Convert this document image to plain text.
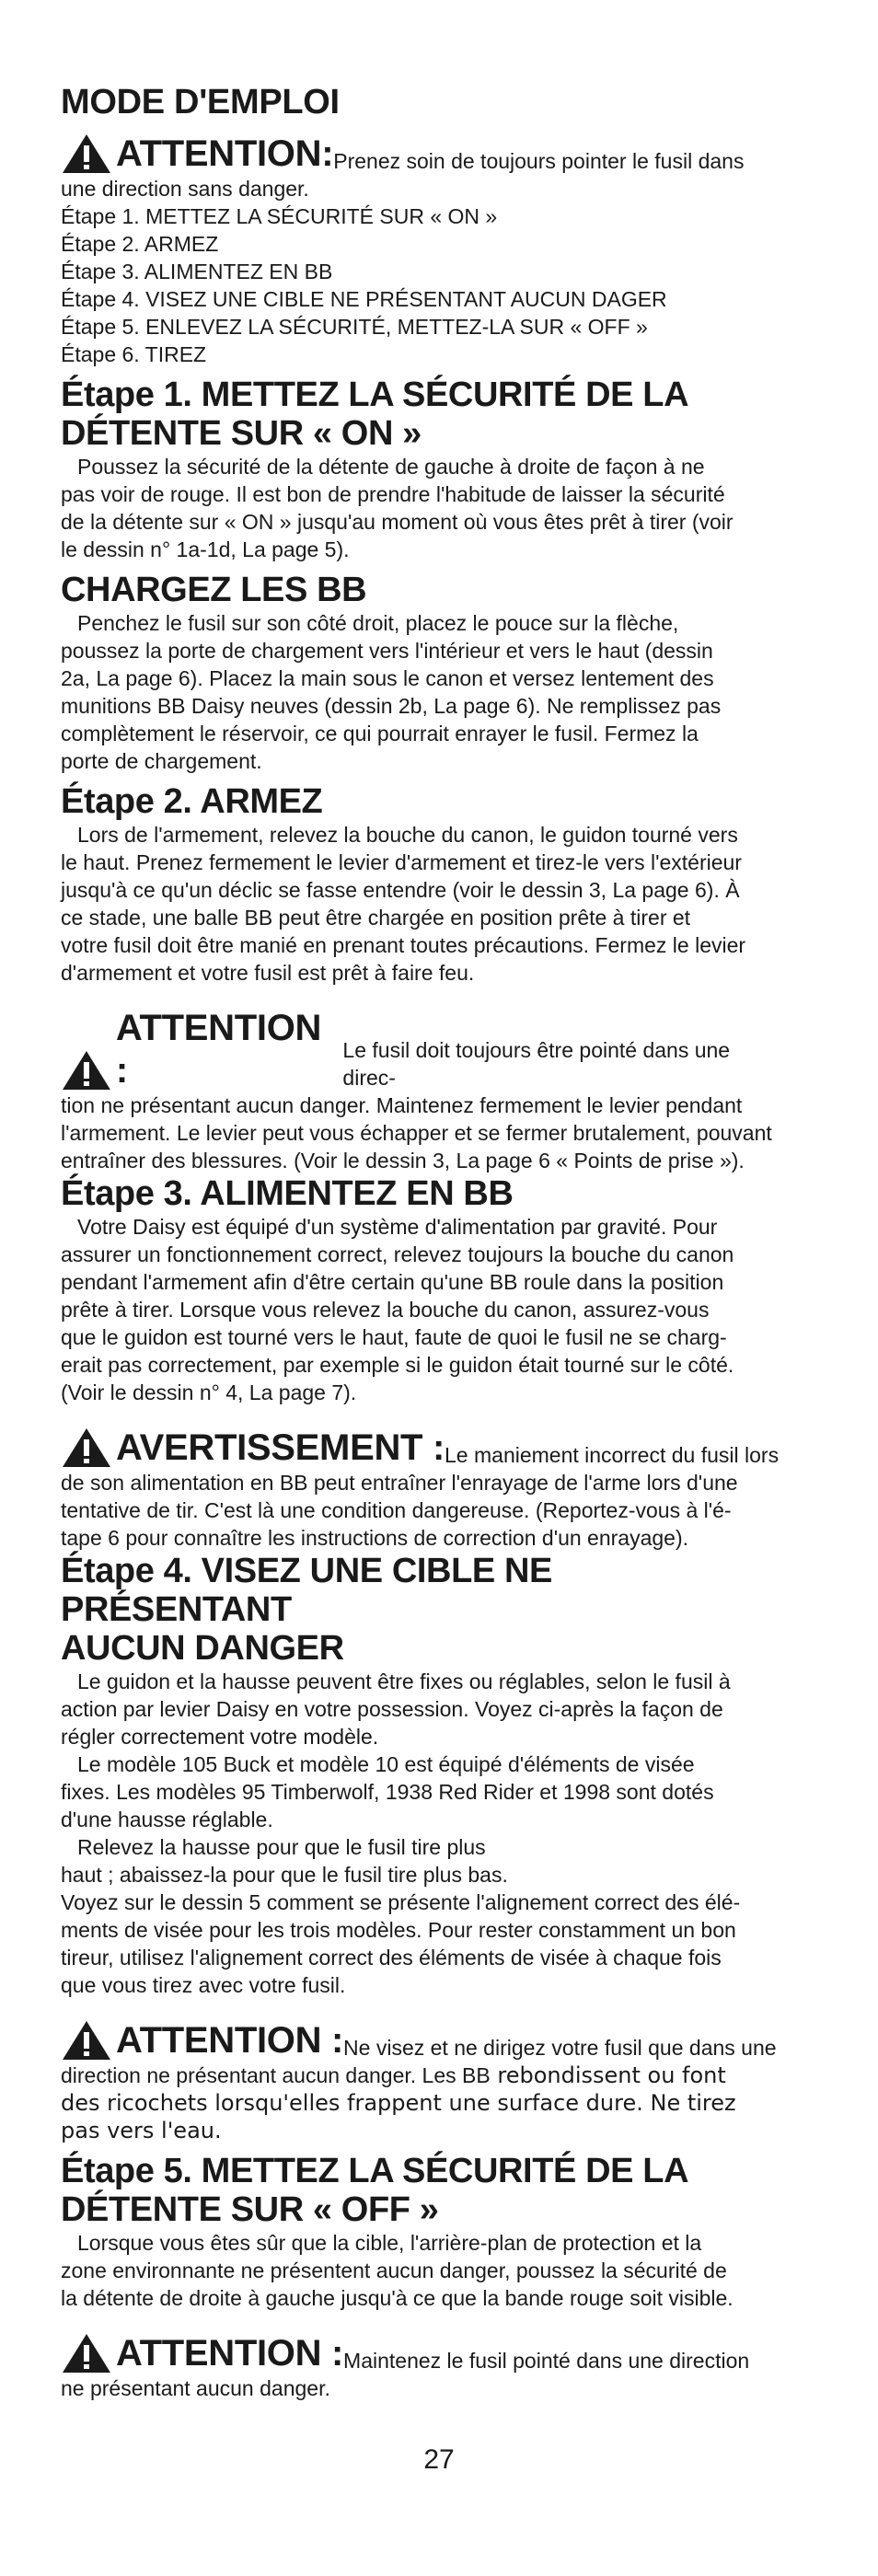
MODE D'EMPLOI
ATTENTION: Prenez soin de toujours pointer le fusil dans

une direction sans danger.

Étape 1. METTEZ LA SÉCURITÉ SUR « ON »

Étape 2. ARMEZ

Étape 3. ALIMENTEZ EN BB

Étape 4. VISEZ UNE CIBLE NE PRÉSENTANT AUCUN DAGER

Étape 5. ENLEVEZ LA SÉCURITÉ, METTEZ-LA SUR « OFF »

Étape 6. TIREZ

Étape 1. METTEZ LA SÉCURITÉ DE LA
DÉTENTE SUR « ON »

Poussez la sécurité de la détente de gauche à droite de façon à ne

pas voir de rouge. Il est bon de prendre l'habitude de laisser la sécurité

de la détente sur « ON » jusqu'au moment où vous êtes prêt à tirer (voir

le dessin n° 1a-1d, La page 5).

CHARGEZ LES BB

Penchez le fusil sur son côté droit, placez le pouce sur la flèche,

poussez la porte de chargement vers l'intérieur et vers le haut (dessin

2a, La page 6). Placez la main sous le canon et versez lentement des

munitions BB Daisy neuves (dessin 2b, La page 6). Ne remplissez pas

complètement le réservoir, ce qui pourrait enrayer le fusil. Fermez la

porte de chargement.

Étape 2. ARMEZ

Lors de l'armement, relevez la bouche du canon, le guidon tourné vers

le haut. Prenez fermement le levier d'armement et tirez-le vers l'extérieur

jusqu'à ce qu'un déclic se fasse entendre (voir le dessin 3, La page 6). À

ce stade, une balle BB peut être chargée en position prête à tirer et

votre fusil doit être manié en prenant toutes précautions. Fermez le levier

d'armement et votre fusil est prêt à faire feu.

ATTENTION :	Le fusil doit toujours être pointé dans une direc-

tion ne présentant aucun danger. Maintenez fermement le levier pendant

l'armement. Le levier peut vous échapper et se fermer brutalement, pouvant

entraîner des blessures. (Voir le dessin 3, La page 6 « Points de prise »).

Étape 3. ALIMENTEZ EN BB

Votre Daisy est équipé d'un système d'alimentation par gravité. Pour

assurer un fonctionnement correct, relevez toujours la bouche du canon

pendant l'armement afin d'être certain qu'une BB roule dans la position

prête à tirer. Lorsque vous relevez la bouche du canon, assurez-vous

que le guidon est tourné vers le haut, faute de quoi le fusil ne se charg-

erait pas correctement, par exemple si le guidon était tourné sur le côté.

(Voir le dessin n° 4, La page 7).

AVERTISSEMENT : Le maniement incorrect du fusil lors

de son alimentation en BB peut entraîner l'enrayage de l'arme lors d'une

tentative de tir. C'est là une condition dangereuse. (Reportez-vous à l'é-

tape 6 pour connaître les instructions de correction d'un enrayage).

Étape 4. VISEZ UNE CIBLE NE PRÉSENTANT
AUCUN DANGER

Le guidon et la hausse peuvent être fixes ou réglables, selon le fusil à

action par levier Daisy en votre possession. Voyez ci-après la façon de

régler correctement votre modèle.

Le modèle 105 Buck et modèle 10 est équipé d'éléments de visée

fixes. Les modèles 95 Timberwolf, 1938 Red Rider et 1998 sont dotés

d'une hausse réglable.

Relevez la hausse pour que le fusil tire plus

haut ; abaissez-la pour que le fusil tire plus bas.

Voyez sur le dessin 5 comment se présente l'alignement correct des élé-

ments de visée pour les trois modèles. Pour rester constamment un bon

tireur, utilisez l'alignement correct des éléments de visée à chaque fois

que vous tirez avec votre fusil.

ATTENTION : Ne visez et ne dirigez votre fusil que dans une

direction ne présentant aucun danger. Les BB rebondissent ou font

des ricochets lorsqu'elles frappent une surface dure. Ne tirez

pas vers l'eau.

Étape 5. METTEZ LA SÉCURITÉ DE LA
DÉTENTE SUR « OFF »

Lorsque vous êtes sûr que la cible, l'arrière-plan de protection et la

zone environnante ne présentent aucun danger, poussez la sécurité de

la détente de droite à gauche jusqu'à ce que la bande rouge soit visible.

ATTENTION : Maintenez le fusil pointé dans une direction

ne présentant aucun danger.

27
